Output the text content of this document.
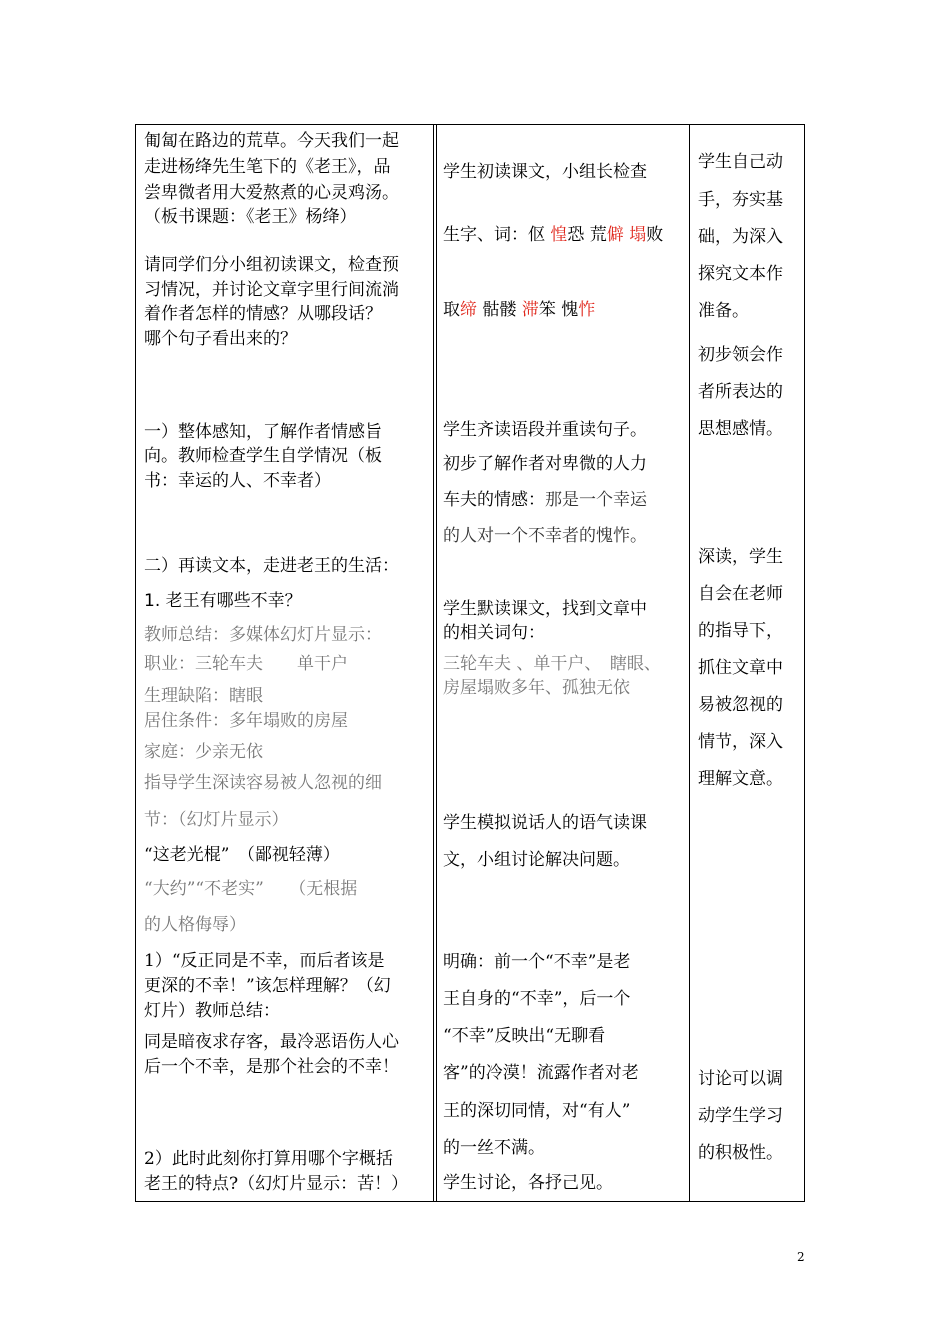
匍匐在路边的荒草。今天我们一起
走进杨绛先生笔下的《老王》，品
尝卑微者用大爱熬煮的心灵鸡汤。
（板书课题：《老王》杨绛）
请同学们分小组初读课文，检查预
习情况，并讨论文章字里行间流淌
着作者怎样的情感？从哪段话？
哪个句子看出来的？
一）整体感知，了解作者情感旨
向。教师检查学生自学情况（板
书：幸运的人、不幸者）
二）再读文本，走进老王的生活：
1. 老王有哪些不幸？
教师总结：多媒体幻灯片显示：
职业：三轮车夫　　单干户
生理缺陷：瞎眼
居住条件：多年塌败的房屋
家庭：少亲无依
指导学生深读容易被人忽视的细
节：（幻灯片显示）
“这老光棍”　（鄙视轻薄）
“大约”“不老实”　　（无根据
的人格侮辱）
1）“反正同是不幸，而后者该是
更深的不幸！”该怎样理解？（幻
灯片）教师总结：
同是暗夜求存客，最冷恶语伤人心
后一个不幸，是那个社会的不幸！
2）此时此刻你打算用哪个字概括
老王的特点?（幻灯片显示：苦！）
学生初读课文，小组长检查
生字、词：伛 惶恐 荒僻 塌败
取缔 骷髅 滞笨 愧怍
学生齐读语段并重读句子。
初步了解作者对卑微的人力
车夫的情感：那是一个幸运
的人对一个不幸者的愧怍。
学生默读课文，找到文章中
的相关词句：
三轮车夫 、单干户、　瞎眼、
房屋塌败多年、孤独无依
学生模拟说话人的语气读课
文，小组讨论解决问题。
明确：前一个“不幸”是老
王自身的“不幸”，后一个
“不幸”反映出“无聊看
客”的冷漠！流露作者对老
王的深切同情，对“有人”
的一丝不满。
学生讨论，各抒己见。
学生自己动
手，夯实基
础，为深入
探究文本作
准备。
初步领会作
者所表达的
思想感情。
深读，学生
自会在老师
的指导下，
抓住文章中
易被忽视的
情节，深入
理解文意。
讨论可以调
动学生学习
的积极性。
2
